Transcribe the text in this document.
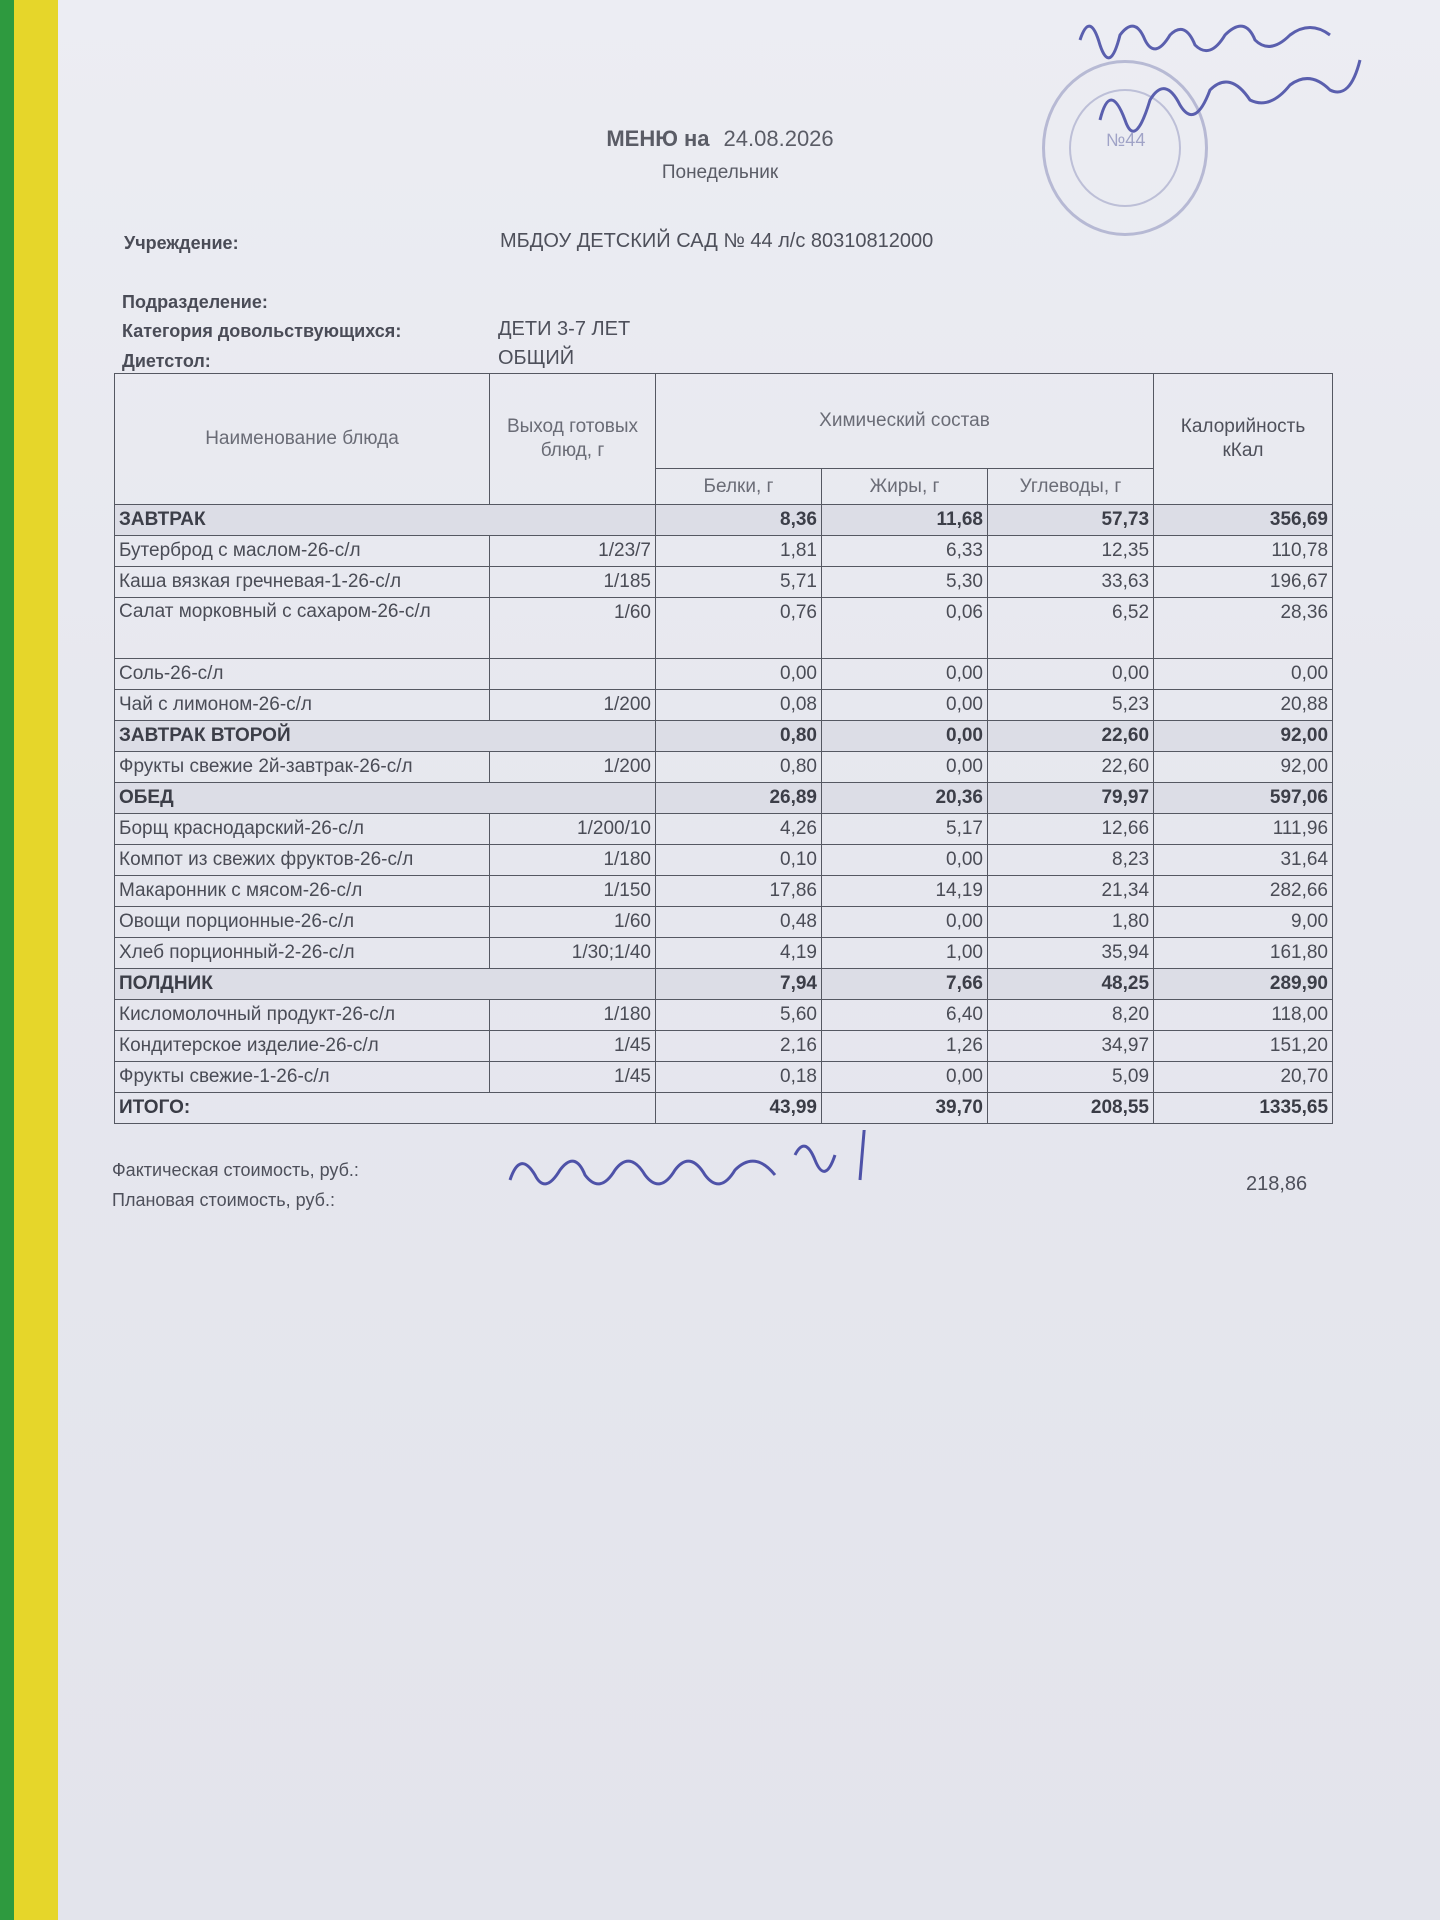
МЕНЮ на 24.08.2026
Понедельник
№44
Учреждение:	МБДОУ ДЕТСКИЙ САД № 44 л/с 80310812000
Подразделение:
Категория довольствующихся:	ДЕТИ 3-7 ЛЕТ
Диетстол:	ОБЩИЙ
Наименование блюда	Выход готовых блюд, г	Химический состав			Калорийность кКал
		Белки, г	Жиры, г	Углеводы, г	
ЗАВТРАК		8,36	11,68	57,73	356,69
Бутерброд с маслом-26-с/л	1/23/7	1,81	6,33	12,35	110,78
Каша вязкая гречневая-1-26-с/л	1/185	5,71	5,30	33,63	196,67
Салат морковный с сахаром-26-с/л	1/60	0,76	0,06	6,52	28,36
Соль-26-с/л		0,00	0,00	0,00	0,00
Чай с лимоном-26-с/л	1/200	0,08	0,00	5,23	20,88
ЗАВТРАК ВТОРОЙ		0,80	0,00	22,60	92,00
Фрукты свежие 2й-завтрак-26-с/л	1/200	0,80	0,00	22,60	92,00
ОБЕД		26,89	20,36	79,97	597,06
Борщ краснодарский-26-с/л	1/200/10	4,26	5,17	12,66	111,96
Компот из свежих фруктов-26-с/л	1/180	0,10	0,00	8,23	31,64
Макаронник с мясом-26-с/л	1/150	17,86	14,19	21,34	282,66
Овощи порционные-26-с/л	1/60	0,48	0,00	1,80	9,00
Хлеб порционный-2-26-с/л	1/30;1/40	4,19	1,00	35,94	161,80
ПОЛДНИК		7,94	7,66	48,25	289,90
Кисломолочный продукт-26-с/л	1/180	5,60	6,40	8,20	118,00
Кондитерское изделие-26-с/л	1/45	2,16	1,26	34,97	151,20
Фрукты свежие-1-26-с/л	1/45	0,18	0,00	5,09	20,70
ИТОГО:		43,99	39,70	208,55	1335,65
Фактическая стоимость, руб.:
Плановая стоимость, руб.:
218,86
